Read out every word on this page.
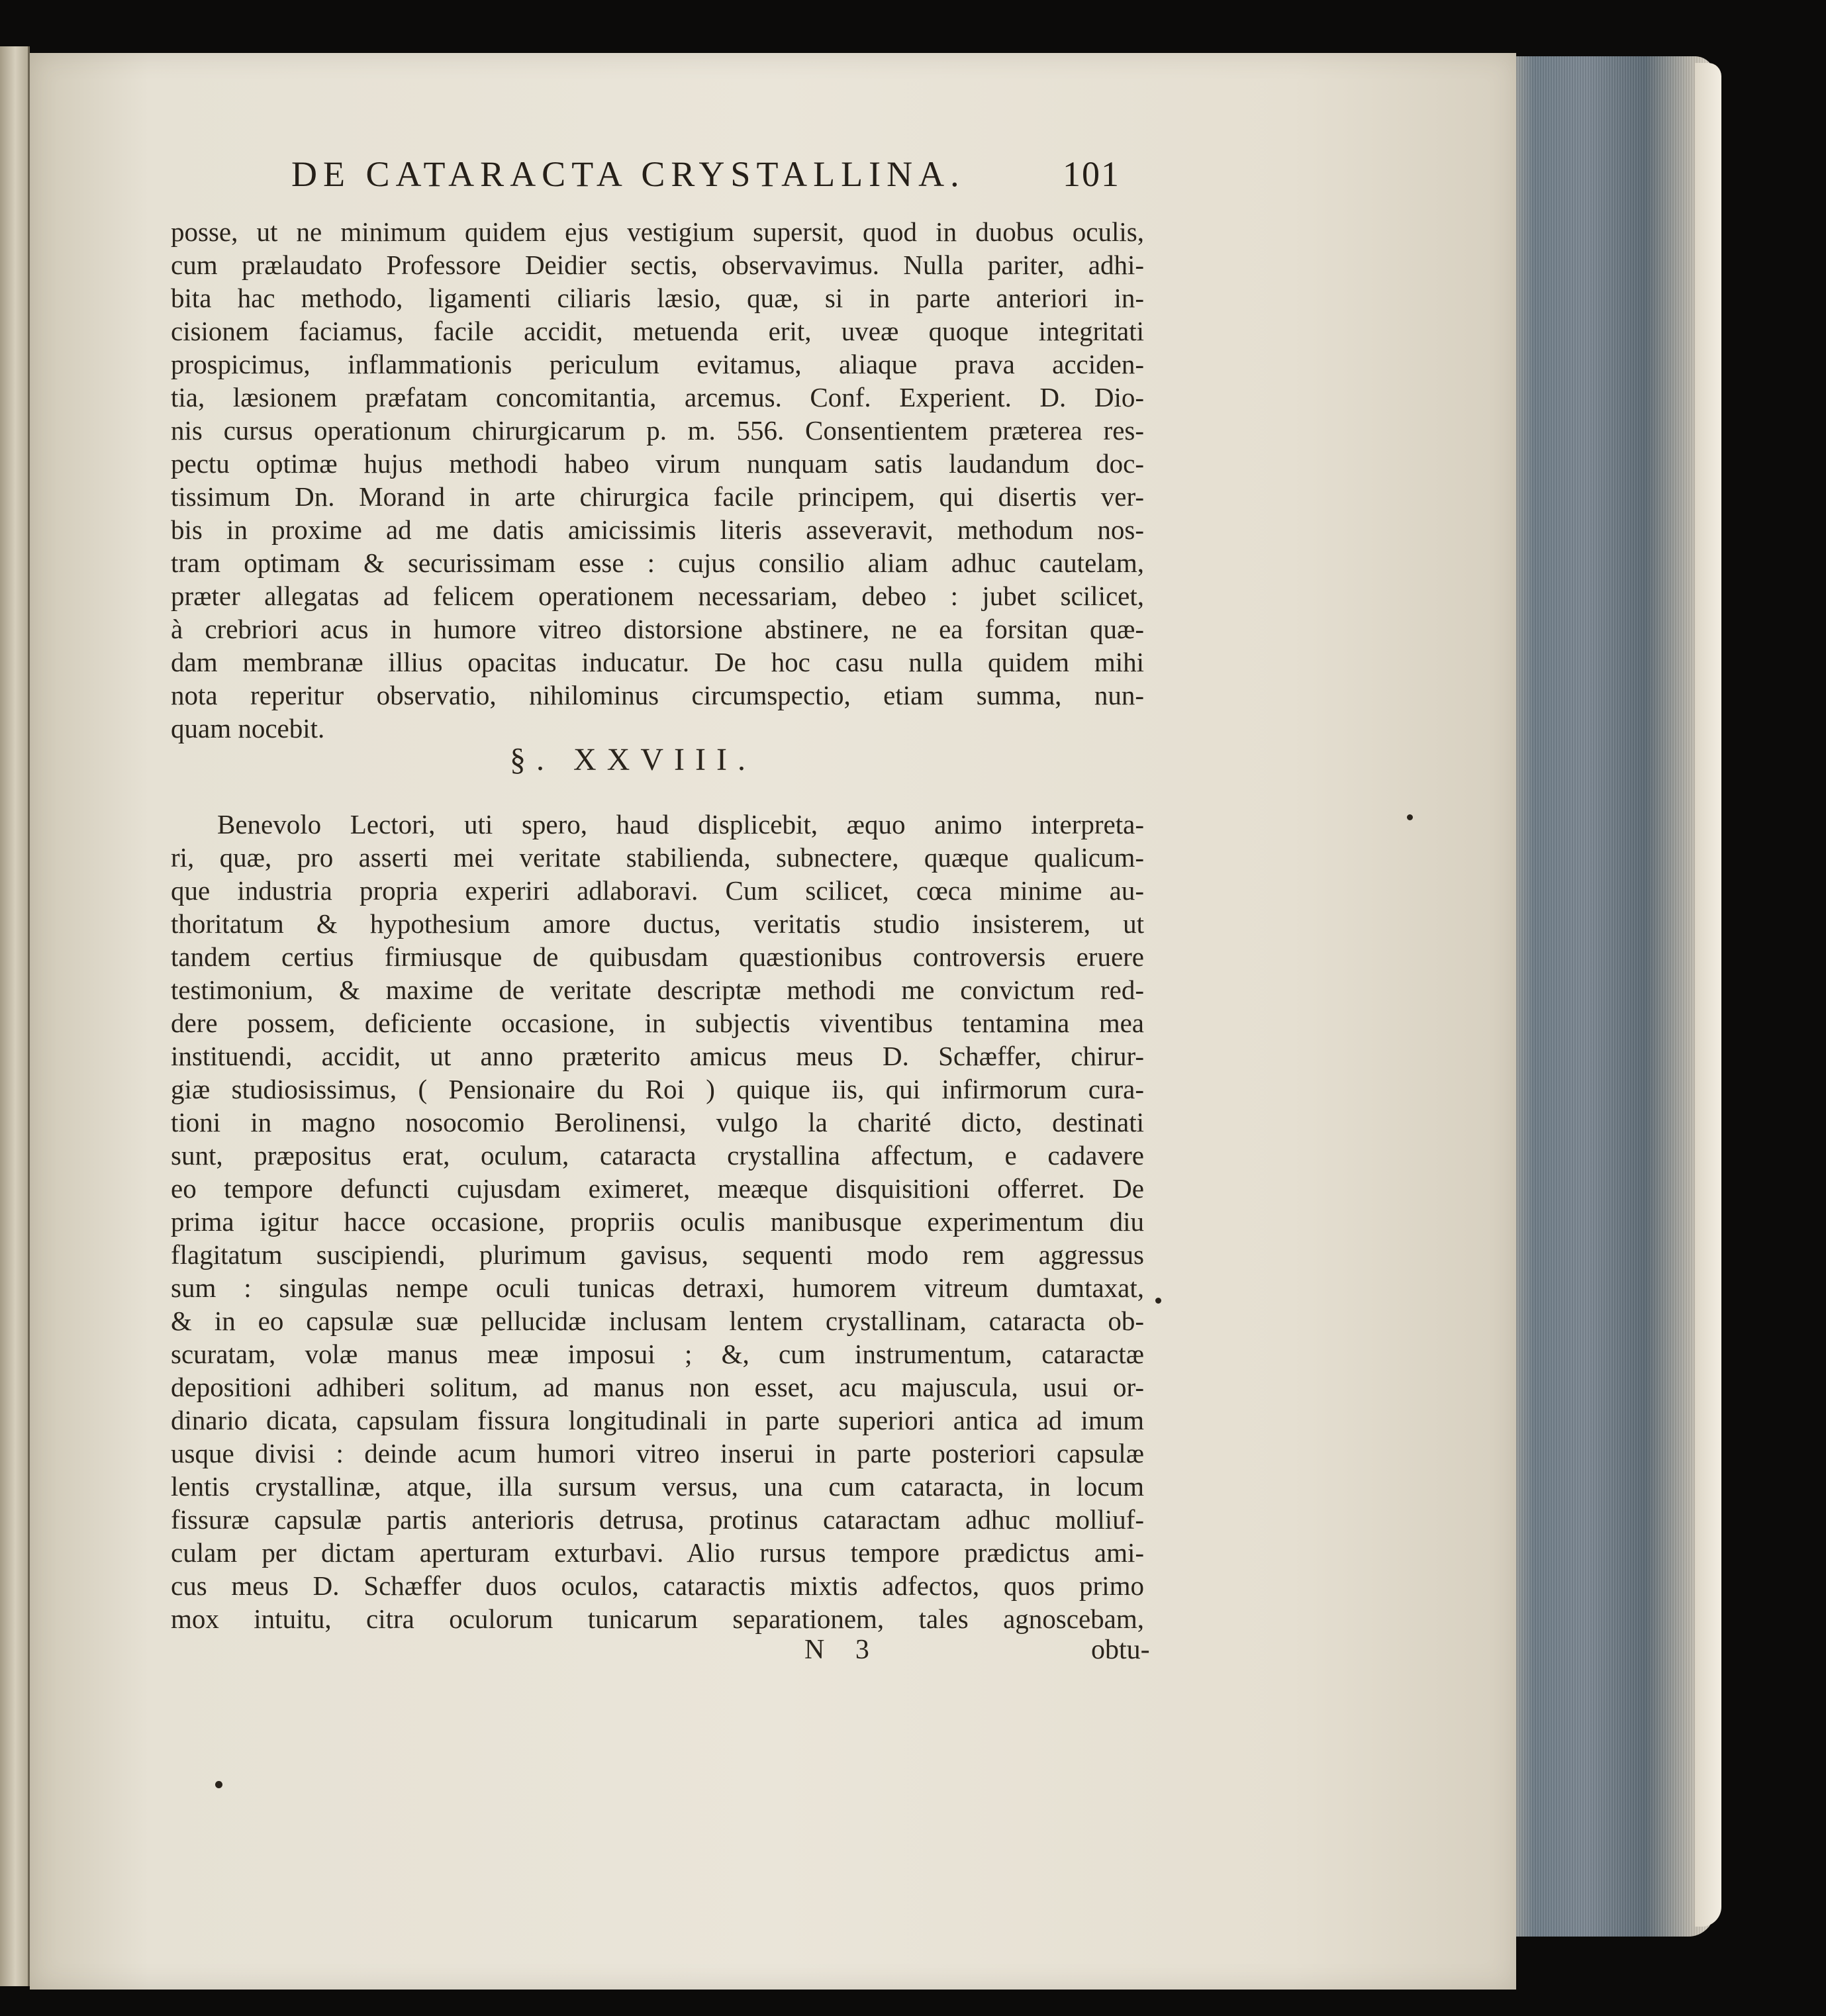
DE CATARACTA CRYSTALLINA.	101
posse, ut ne minimum quidem ejus vestigium supersit, quod in duobus oculis,
cum prælaudato Professore Deidier sectis, observavimus. Nulla pariter, adhi-
bita hac methodo, ligamenti ciliaris læsio, quæ, si in parte anteriori in-
cisionem faciamus, facile accidit, metuenda erit, uveæ quoque integritati
prospicimus, inflammationis periculum evitamus, aliaque prava acciden-
tia, læsionem præfatam concomitantia, arcemus. Conf. Experient. D. Dio-
nis cursus operationum chirurgicarum p. m. 556. Consentientem præterea res-
pectu optimæ hujus methodi habeo virum nunquam satis laudandum doc-
tissimum Dn. Morand in arte chirurgica facile principem, qui disertis ver-
bis in proxime ad me datis amicissimis literis asseveravit, methodum nos-
tram optimam & securissimam esse : cujus consilio aliam adhuc cautelam,
præter allegatas ad felicem operationem necessariam, debeo : jubet scilicet,
à crebriori acus in humore vitreo distorsione abstinere, ne ea forsitan quæ-
dam membranæ illius opacitas inducatur. De hoc casu nulla quidem mihi
nota reperitur observatio, nihilominus circumspectio, etiam summa, nun-
quam nocebit.
§. XXVIII.
Benevolo Lectori, uti spero, haud displicebit, æquo animo interpreta-
ri, quæ, pro asserti mei veritate stabilienda, subnectere, quæque qualicum-
que industria propria experiri adlaboravi. Cum scilicet, cœca minime au-
thoritatum & hypothesium amore ductus, veritatis studio insisterem, ut
tandem certius firmiusque de quibusdam quæstionibus controversis eruere
testimonium, & maxime de veritate descriptæ methodi me convictum red-
dere possem, deficiente occasione, in subjectis viventibus tentamina mea
instituendi, accidit, ut anno præterito amicus meus D. Schæffer, chirur-
giæ studiosissimus, ( Pensionaire du Roi ) quique iis, qui infirmorum cura-
tioni in magno nosocomio Berolinensi, vulgo la charité dicto, destinati
sunt, præpositus erat, oculum, cataracta crystallina affectum, e cadavere
eo tempore defuncti cujusdam eximeret, meæque disquisitioni offerret. De
prima igitur hacce occasione, propriis oculis manibusque experimentum diu
flagitatum suscipiendi, plurimum gavisus, sequenti modo rem aggressus
sum : singulas nempe oculi tunicas detraxi, humorem vitreum dumtaxat,
& in eo capsulæ suæ pellucidæ inclusam lentem crystallinam, cataracta ob-
scuratam, volæ manus meæ imposui ; &, cum instrumentum, cataractæ
depositioni adhiberi solitum, ad manus non esset, acu majuscula, usui or-
dinario dicata, capsulam fissura longitudinali in parte superiori antica ad imum
usque divisi : deinde acum humori vitreo inserui in parte posteriori capsulæ
lentis crystallinæ, atque, illa sursum versus, una cum cataracta, in locum
fissuræ capsulæ partis anterioris detrusa, protinus cataractam adhuc molliuf-
culam per dictam aperturam exturbavi. Alio rursus tempore prædictus ami-
cus meus D. Schæffer duos oculos, cataractis mixtis adfectos, quos primo
mox intuitu, citra oculorum tunicarum separationem, tales agnoscebam,
N 3	obtu-
